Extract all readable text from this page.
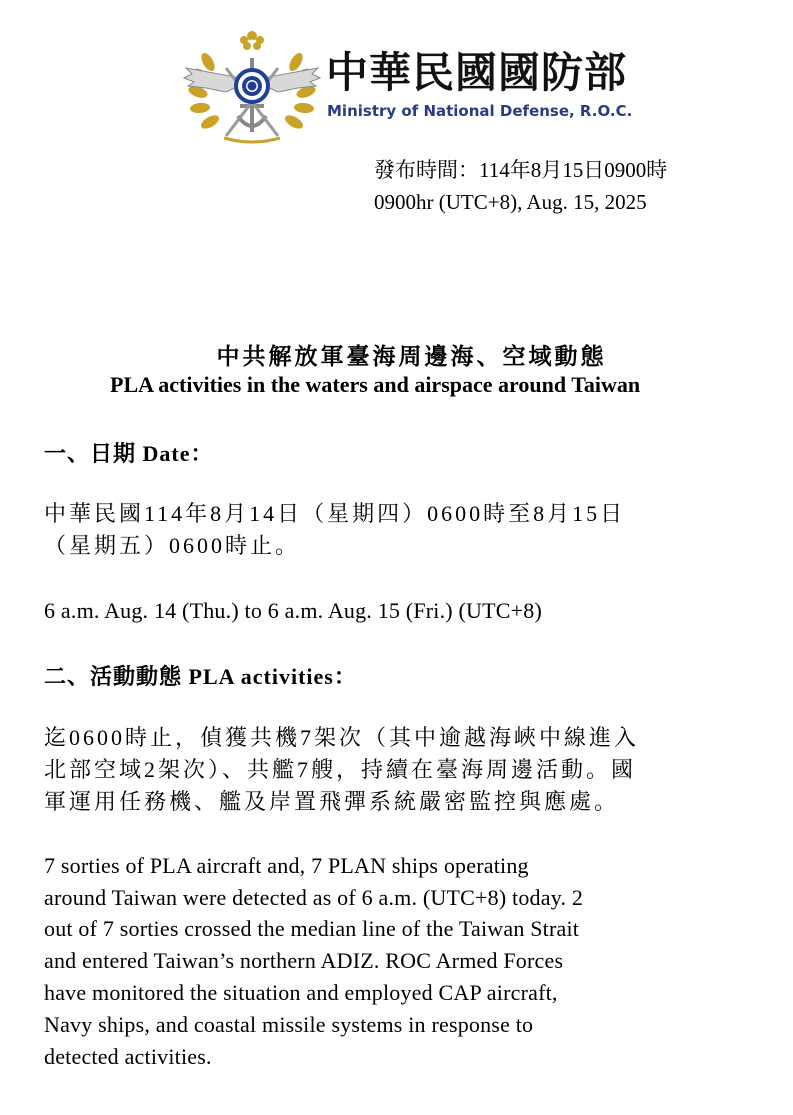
中華民國國防部
Ministry of National Defense, R.O.C.
發布時間：114年8月15日0900時
0900hr (UTC+8), Aug. 15, 2025
中共解放軍臺海周邊海、空域動態
PLA activities in the waters and airspace around Taiwan
一、日期 Date：
中華民國114年8月14日（星期四）0600時至8月15日
（星期五）0600時止。
6 a.m. Aug. 14 (Thu.) to 6 a.m. Aug. 15 (Fri.) (UTC+8)
二、活動動態 PLA activities：
迄0600時止，偵獲共機7架次（其中逾越海峽中線進入
北部空域2架次）、共艦7艘，持續在臺海周邊活動。國
軍運用任務機、艦及岸置飛彈系統嚴密監控與應處。
7 sorties of PLA aircraft and, 7 PLAN ships operating
around Taiwan were detected as of 6 a.m. (UTC+8) today. 2
out of 7 sorties crossed the median line of the Taiwan Strait
and entered Taiwan’s northern ADIZ. ROC Armed Forces
have monitored the situation and employed CAP aircraft,
Navy ships, and coastal missile systems in response to
detected activities.
